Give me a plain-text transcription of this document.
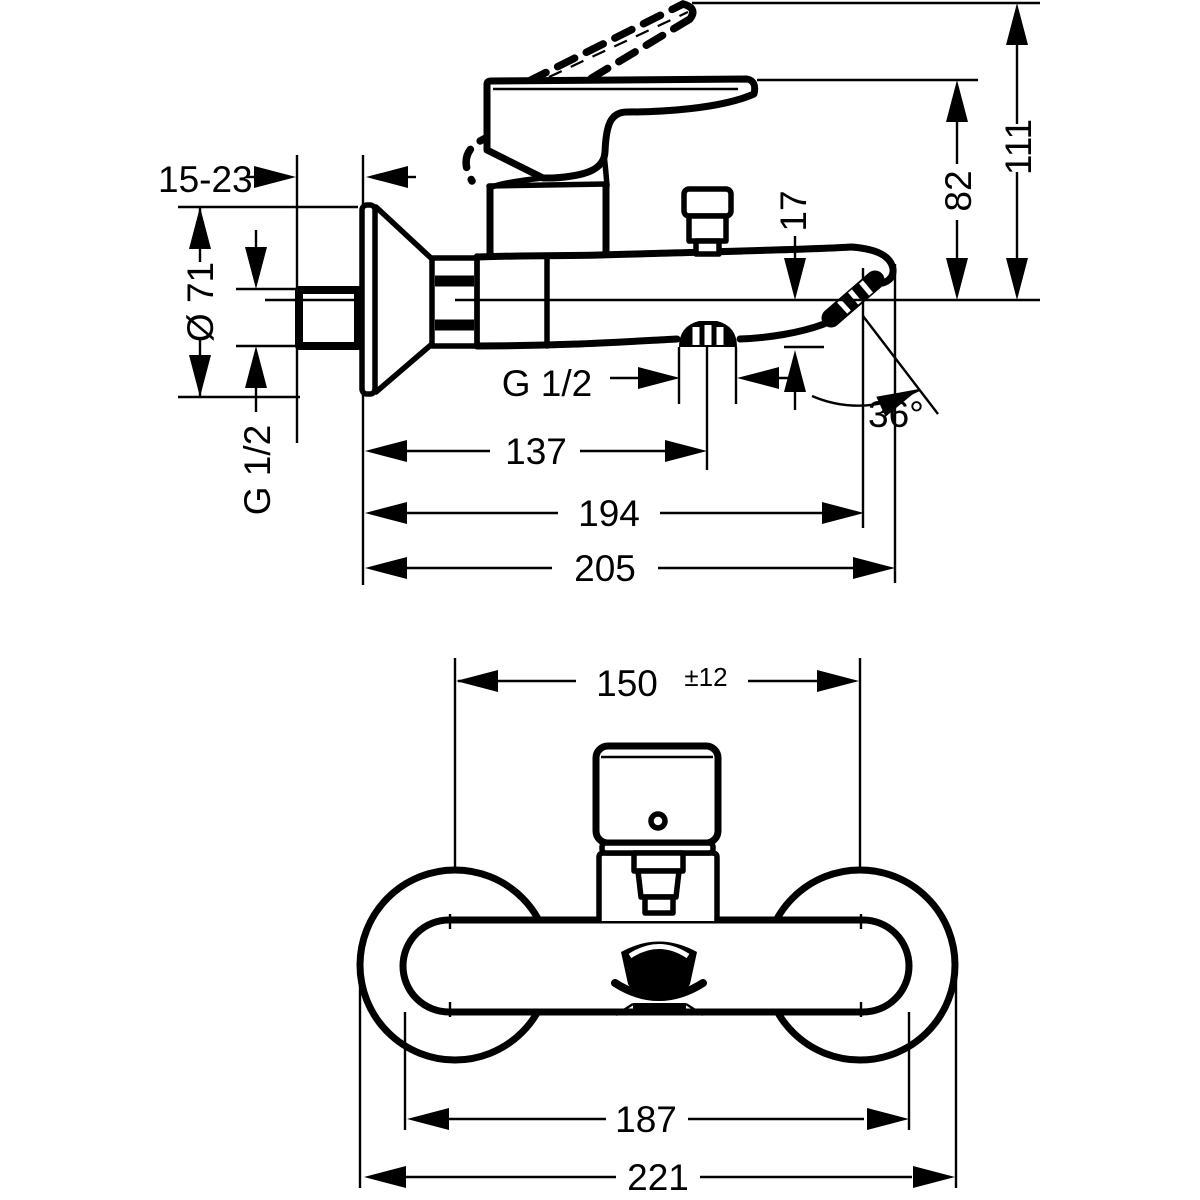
15-23
Ø 71
G 1/2
17	82
111
G 1/2
137
194
205
36°
150 ±12
187
221
